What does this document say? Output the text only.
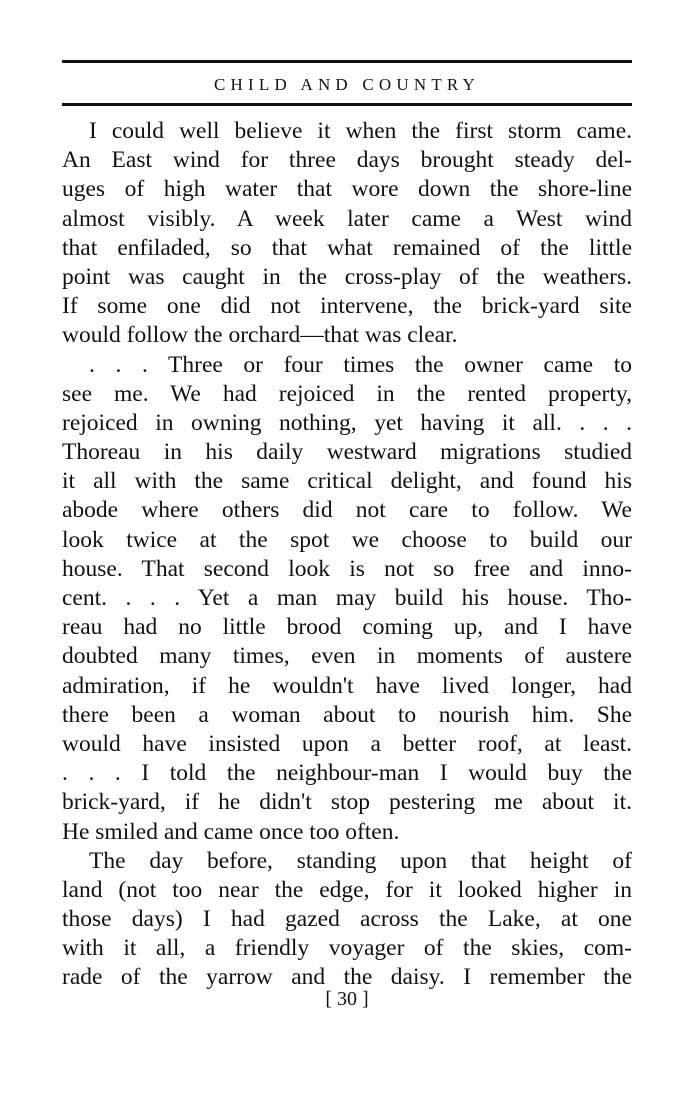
CHILD AND COUNTRY
I could well believe it when the first storm came.
An East wind for three days brought steady del-
uges of high water that wore down the shore-line
almost visibly. A week later came a West wind
that enfiladed, so that what remained of the little
point was caught in the cross-play of the weathers.
If some one did not intervene, the brick-yard site
would follow the orchard—that was clear.
. . . Three or four times the owner came to
see me. We had rejoiced in the rented property,
rejoiced in owning nothing, yet having it all. . . .
Thoreau in his daily westward migrations studied
it all with the same critical delight, and found his
abode where others did not care to follow. We
look twice at the spot we choose to build our
house. That second look is not so free and inno-
cent. . . . Yet a man may build his house. Tho-
reau had no little brood coming up, and I have
doubted many times, even in moments of austere
admiration, if he wouldn't have lived longer, had
there been a woman about to nourish him. She
would have insisted upon a better roof, at least.
. . . I told the neighbour-man I would buy the
brick-yard, if he didn't stop pestering me about it.
He smiled and came once too often.
The day before, standing upon that height of
land (not too near the edge, for it looked higher in
those days) I had gazed across the Lake, at one
with it all, a friendly voyager of the skies, com-
rade of the yarrow and the daisy. I remember the
[ 30 ]
